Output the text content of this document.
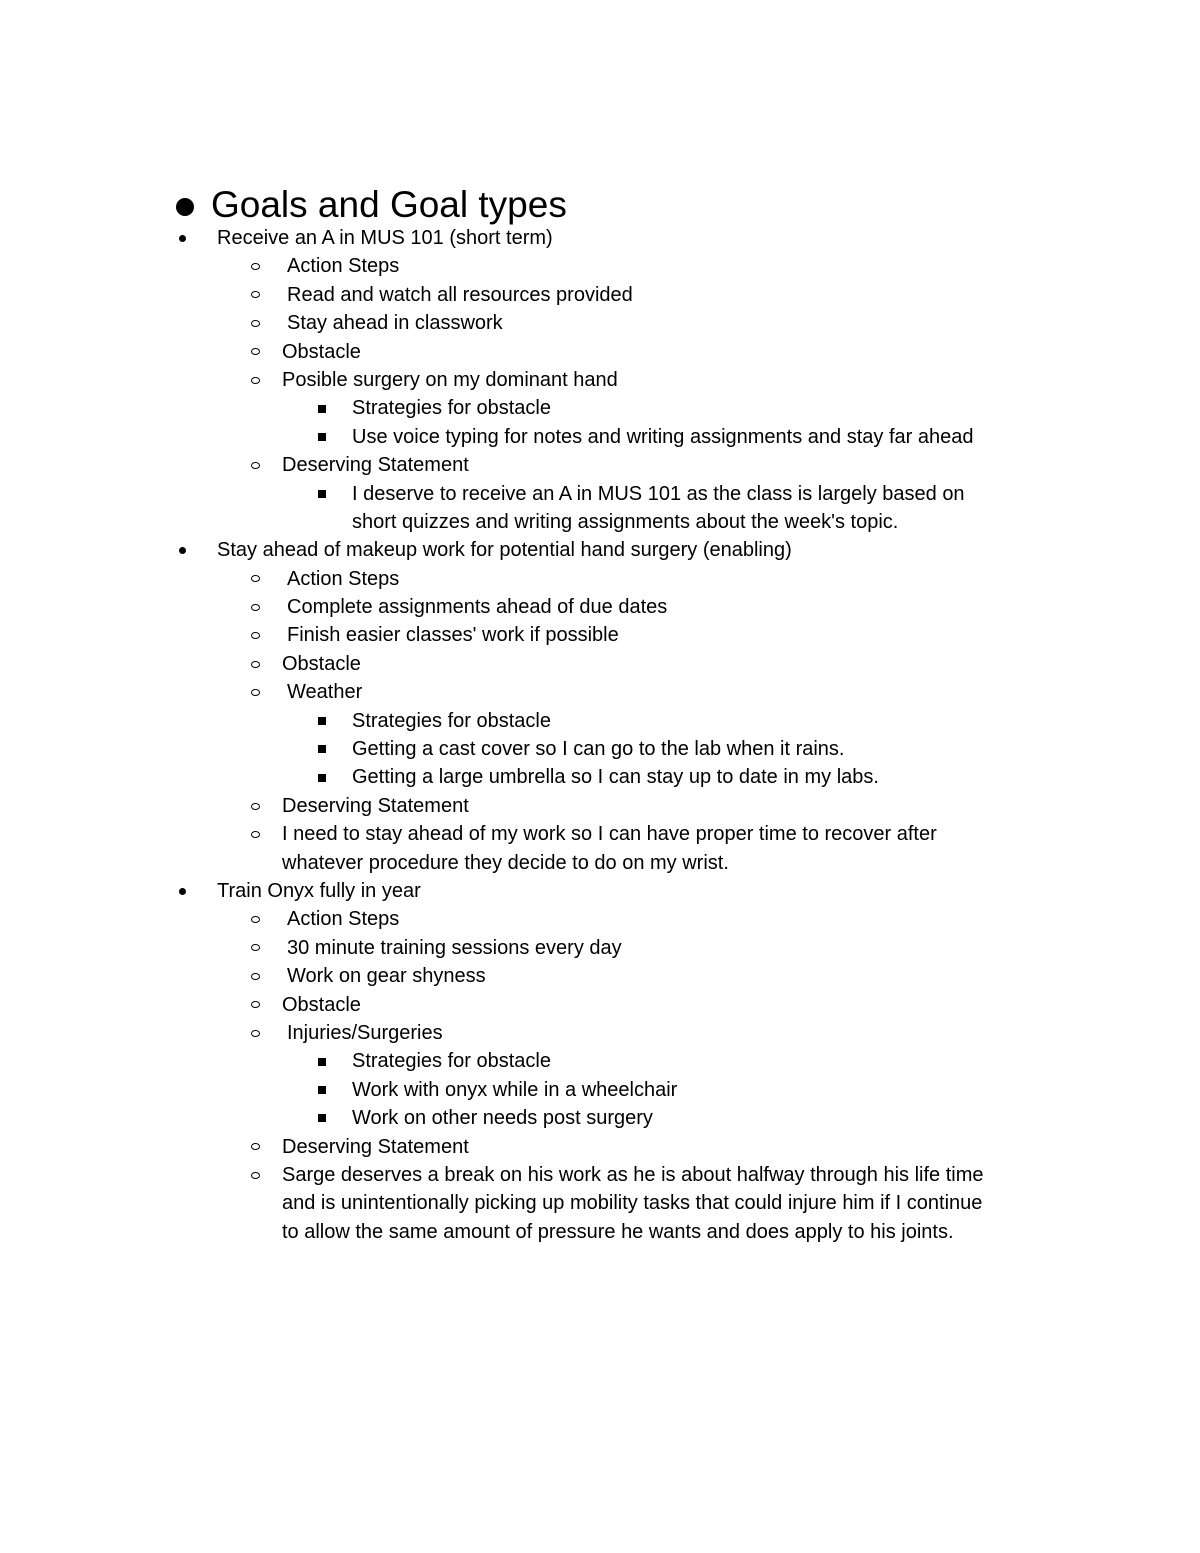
Goals and Goal types
Receive an A in MUS 101 (short term)
Action Steps
Read and watch all resources provided
Stay ahead in classwork
Obstacle
Posible surgery on my dominant hand
Strategies for obstacle
Use voice typing for notes and writing assignments and stay far ahead
Deserving Statement
I deserve to receive an A in MUS 101 as the class is largely based on
short quizzes and writing assignments about the week's topic.
Stay ahead of makeup work for potential hand surgery (enabling)
Action Steps
Complete assignments ahead of due dates
Finish easier classes' work if possible
Obstacle
Weather
Strategies for obstacle
Getting a cast cover so I can go to the lab when it rains.
Getting a large umbrella so I can stay up to date in my labs.
Deserving Statement
I need to stay ahead of my work so I can have proper time to recover after
whatever procedure they decide to do on my wrist.
Train Onyx fully in year
Action Steps
30 minute training sessions every day
Work on gear shyness
Obstacle
Injuries/Surgeries
Strategies for obstacle
Work with onyx while in a wheelchair
Work on other needs post surgery
Deserving Statement
Sarge deserves a break on his work as he is about halfway through his life time
and is unintentionally picking up mobility tasks that could injure him if I continue
to allow the same amount of pressure he wants and does apply to his joints.
